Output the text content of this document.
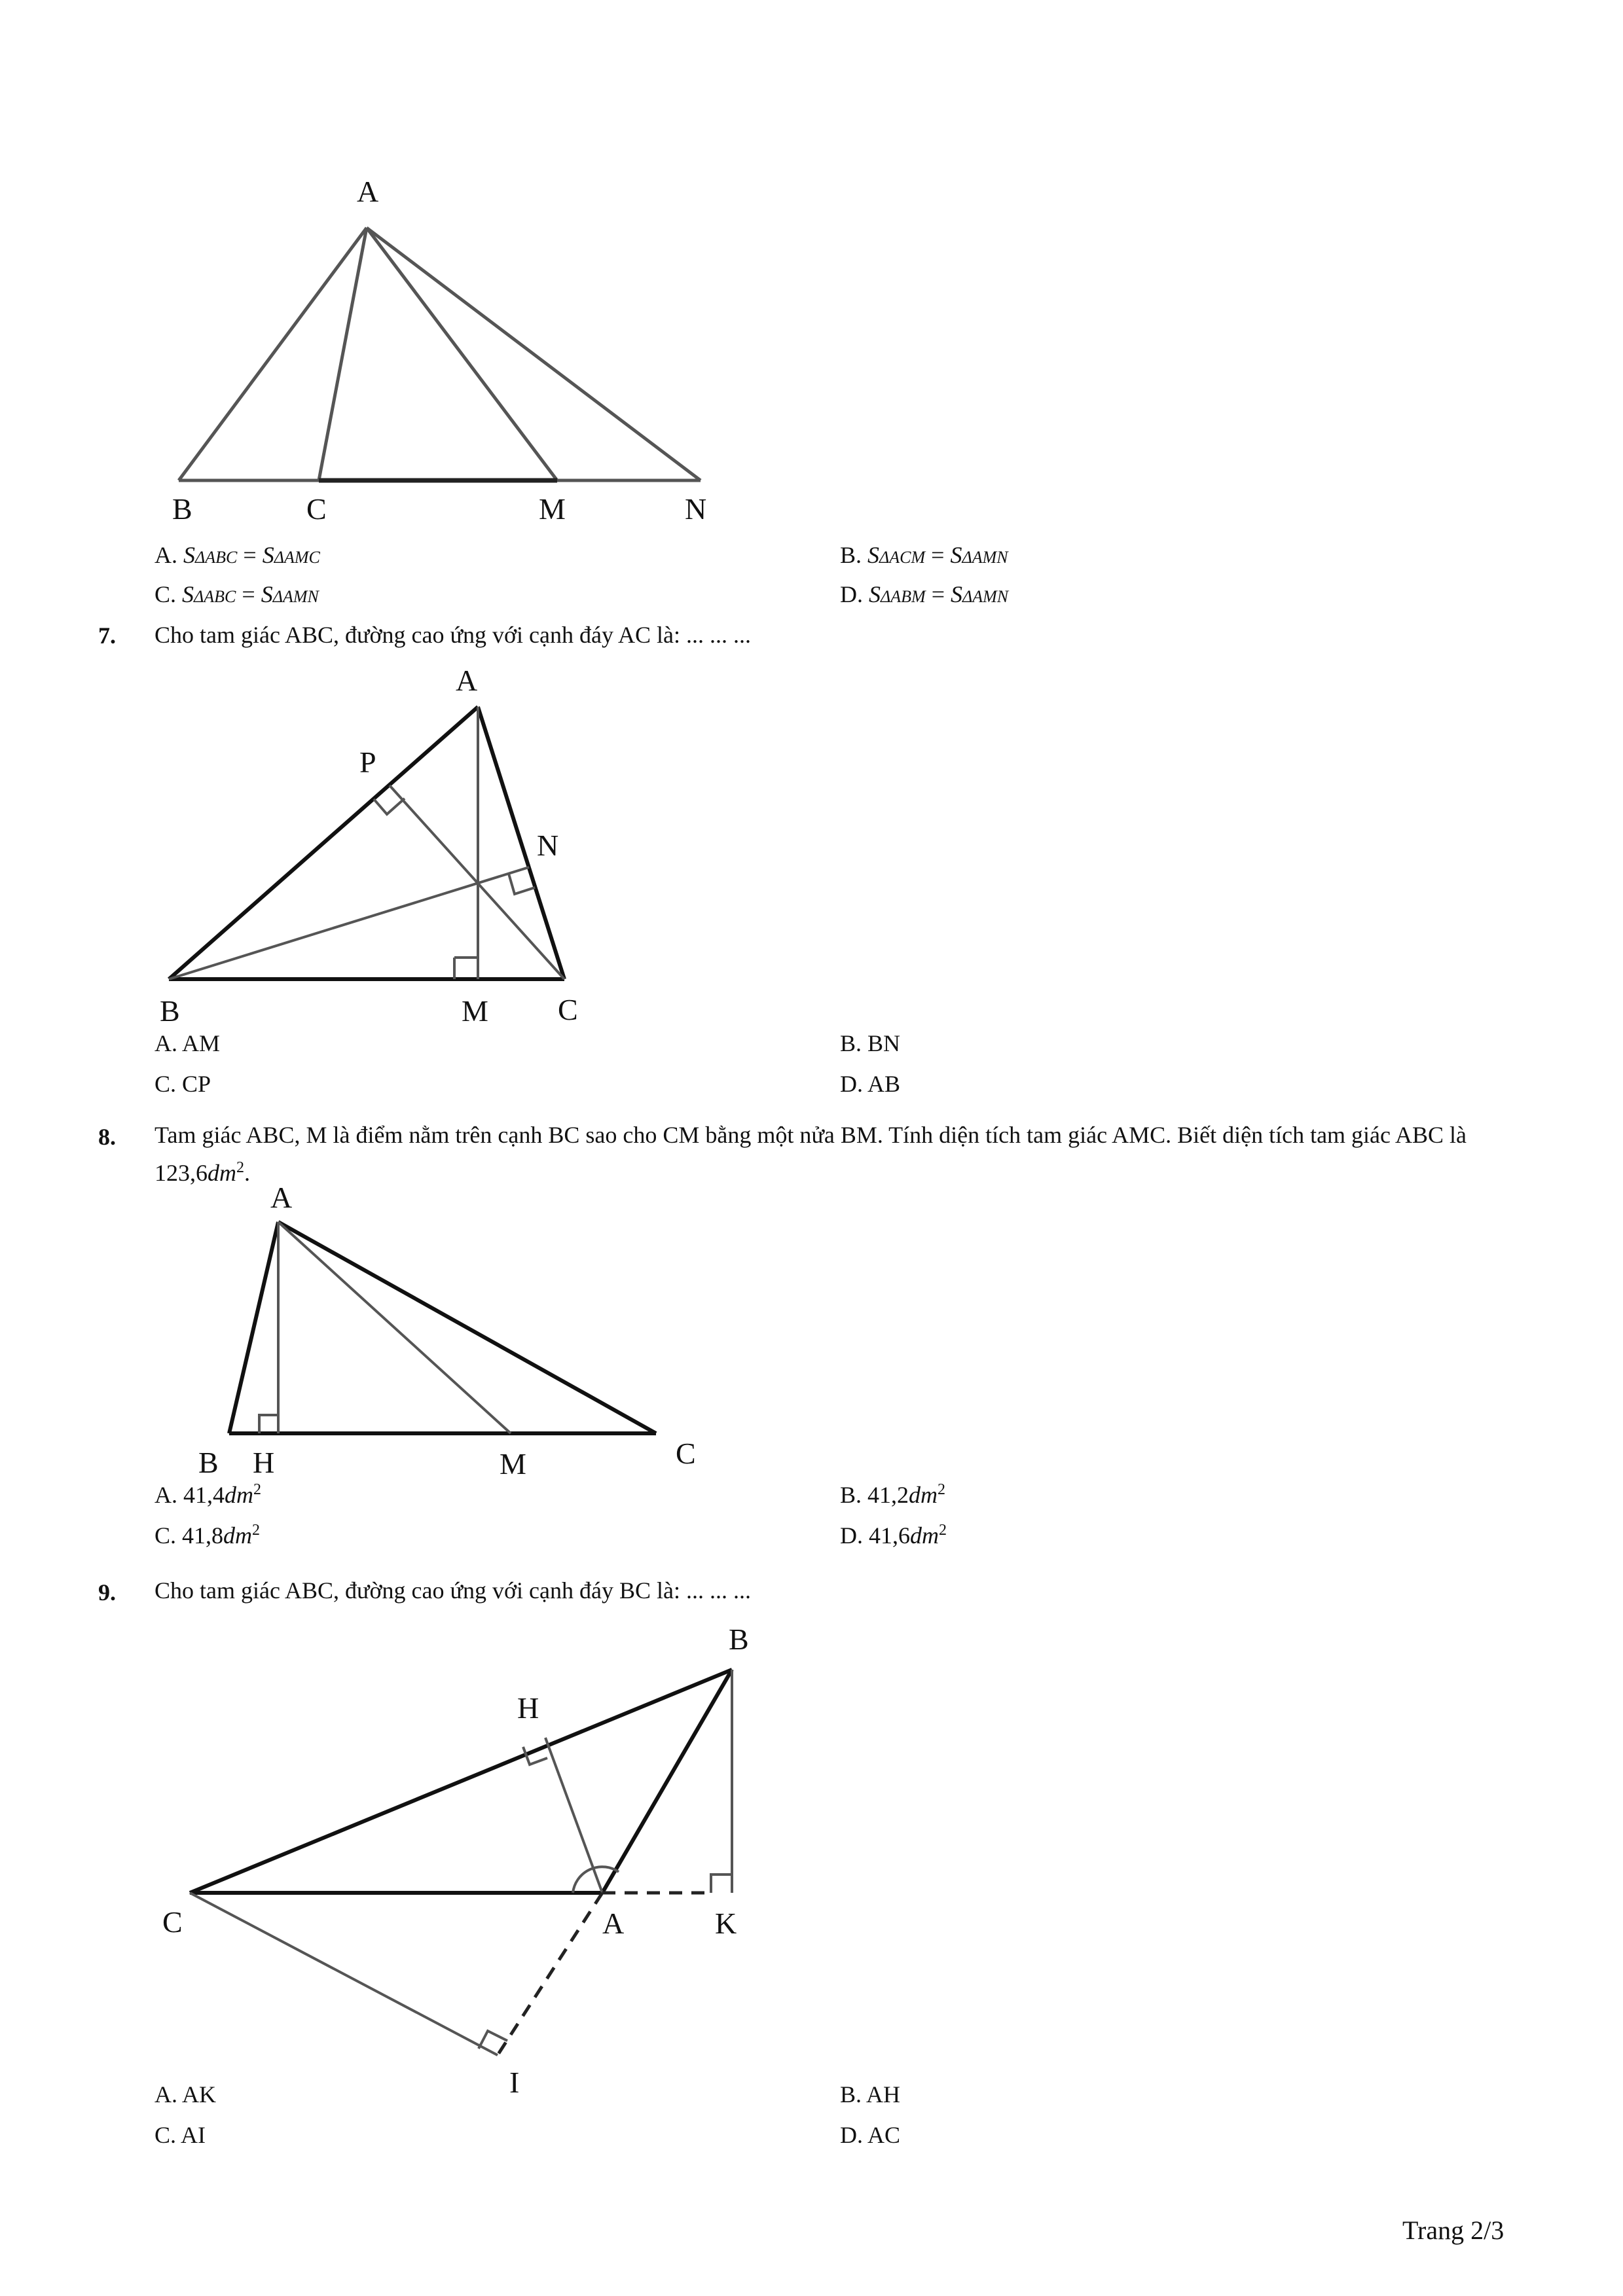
A
B	C	M	N
A. SΔABC = SΔAMC	B. SΔACM = SΔAMN
C. SΔABC = SΔAMN	D. SΔABM = SΔAMN
7. Cho tam giác ABC, đường cao ứng với cạnh đáy AC là: ... ... ...
A
P
N
B	M C
A. AM	B. BN
C. CP	D. AB
8. Tam giác ABC, M là điểm nằm trên cạnh BC sao cho CM bằng một nửa BM. Tính diện tích tam giác AMC. Biết diện tích tam giác ABC là
$123,6dm^2$.
A
B H	M	C
A. $41,4dm^2$	B. $41,2dm^2$
C. $41,8dm^2$	D. $41,6dm^2$
9. Cho tam giác ABC, đường cao ứng với cạnh đáy BC là: ... ... ...
B
H
C	A	K
I
A. AK	B. AH
C. AI	D. AC
Trang 2/3
